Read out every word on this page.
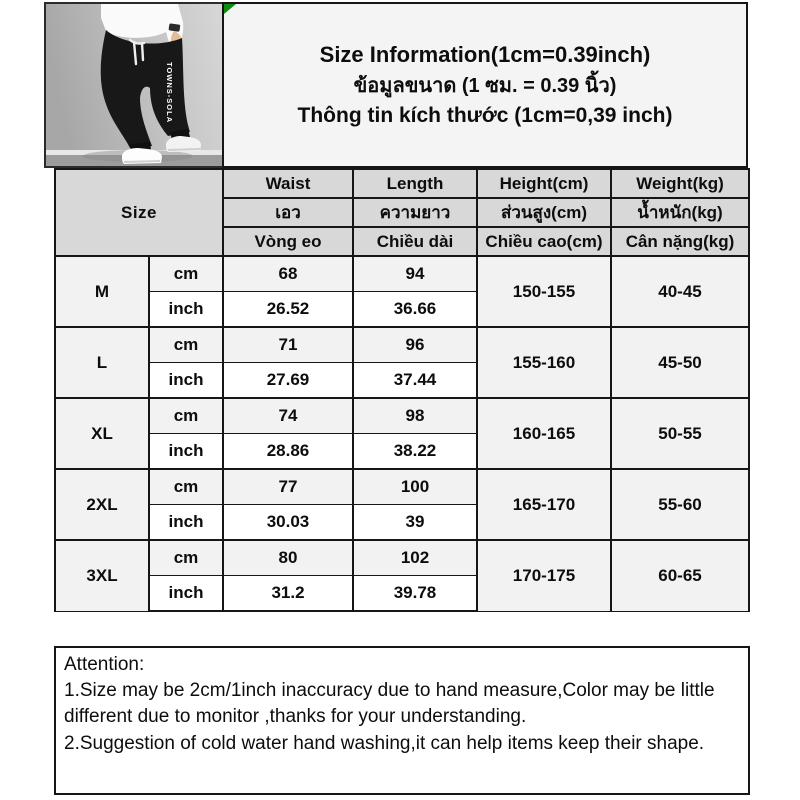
TOWNS-SOLA
Size Information(1cm=0.39inch)
ข้อมูลขนาด (1 ซม. = 0.39 นิ้ว)
Thông tin kích thước (1cm=0,39 inch)
Size		Waist	Length	Height(cm)	Weight(kg)
		เอว	ความยาว	ส่วนสูง(cm)	น้ำหนัก(kg)
		Vòng eo	Chiều dài	Chiều cao(cm)	Cân nặng(kg)
M	cm	68	94	150-155	40-45
	inch	26.52	36.66		
L	cm	71	96	155-160	45-50
	inch	27.69	37.44		
XL	cm	74	98	160-165	50-55
	inch	28.86	38.22		
2XL	cm	77	100	165-170	55-60
	inch	30.03	39		
3XL	cm	80	102	170-175	60-65
	inch	31.2	39.78		
Attention:
1.Size may be 2cm/1inch inaccuracy due to hand measure,Color may be little different due to monitor ,thanks for your understanding.
2.Suggestion of cold water hand washing,it can help items keep their shape.
